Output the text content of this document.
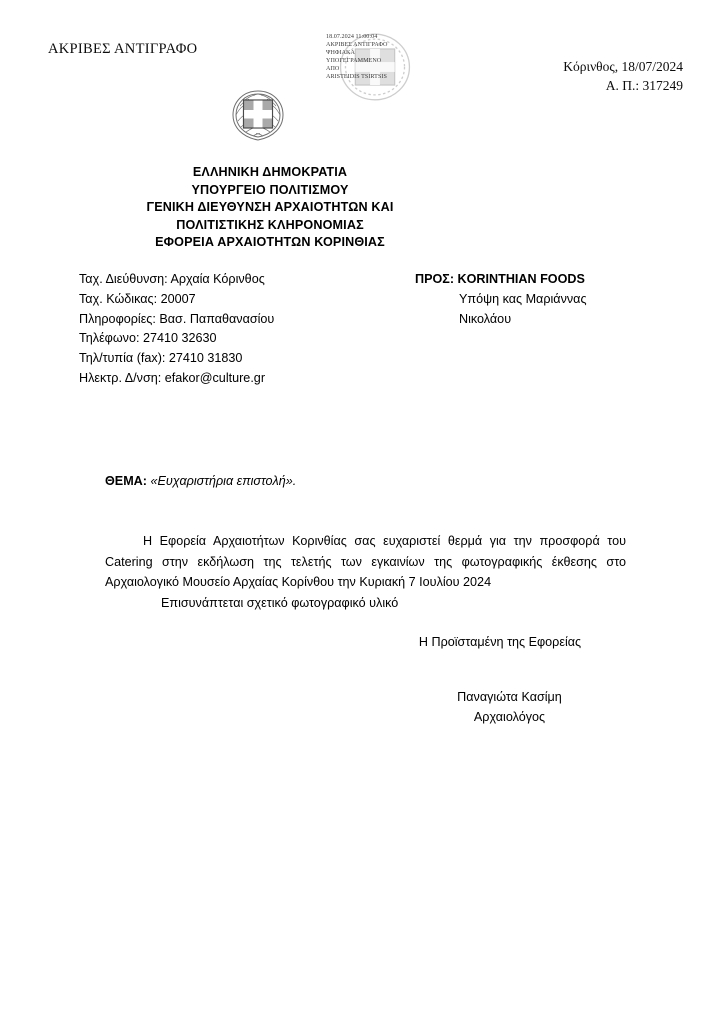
ΑΚΡΙΒΕΣ ΑΝΤΙΓΡΑΦΟ
18.07.2024 11:00:04
ΑΚΡΙΒΕΣ ΑΝΤΙΓΡΑΦΟ
ΨΗΦΙΑΚΑ
ΥΠΟΓΕΓΡΑΜΜΕΝΟ
ΑΠΟ
ARISTEIDIS TSIRTSIS
Κόρινθος, 18/07/2024
Α. Π.: 317249
ΕΛΛΗΝΙΚΗ ΔΗΜΟΚΡΑΤΙΑ
ΥΠΟΥΡΓΕΙΟ ΠΟΛΙΤΙΣΜΟΥ
ΓΕΝΙΚΗ ΔΙΕΥΘΥΝΣΗ ΑΡΧΑΙΟΤΗΤΩΝ ΚΑΙ
ΠΟΛΙΤΙΣΤΙΚΗΣ ΚΛΗΡΟΝΟΜΙΑΣ
ΕΦΟΡΕΙΑ ΑΡΧΑΙΟΤΗΤΩΝ ΚΟΡΙΝΘΙΑΣ
Ταχ. Διεύθυνση: Αρχαία Κόρινθος
Ταχ. Κώδικας: 20007
Πληροφορίες: Βασ. Παπαθανασίου
Τηλέφωνο: 27410 32630
Τηλ/τυπία (fax): 27410 31830
Ηλεκτρ. Δ/νση: efakor@culture.gr
ΠΡΟΣ: KORINTHIAN FOODS
Υπόψη κας Μαριάννας
Νικολάου
ΘΕΜΑ: «Ευχαριστήρια επιστολή».
Η Εφορεία Αρχαιοτήτων Κορινθίας σας ευχαριστεί θερμά για την προσφορά του Catering στην εκδήλωση της τελετής των εγκαινίων της φωτογραφικής έκθεσης στο Αρχαιολογικό Μουσείο Αρχαίας Κορίνθου την Κυριακή 7 Ιουλίου 2024
Επισυνάπτεται σχετικό φωτογραφικό υλικό
Η Προϊσταμένη της Εφορείας
Παναγιώτα Κασίμη
Αρχαιολόγος
